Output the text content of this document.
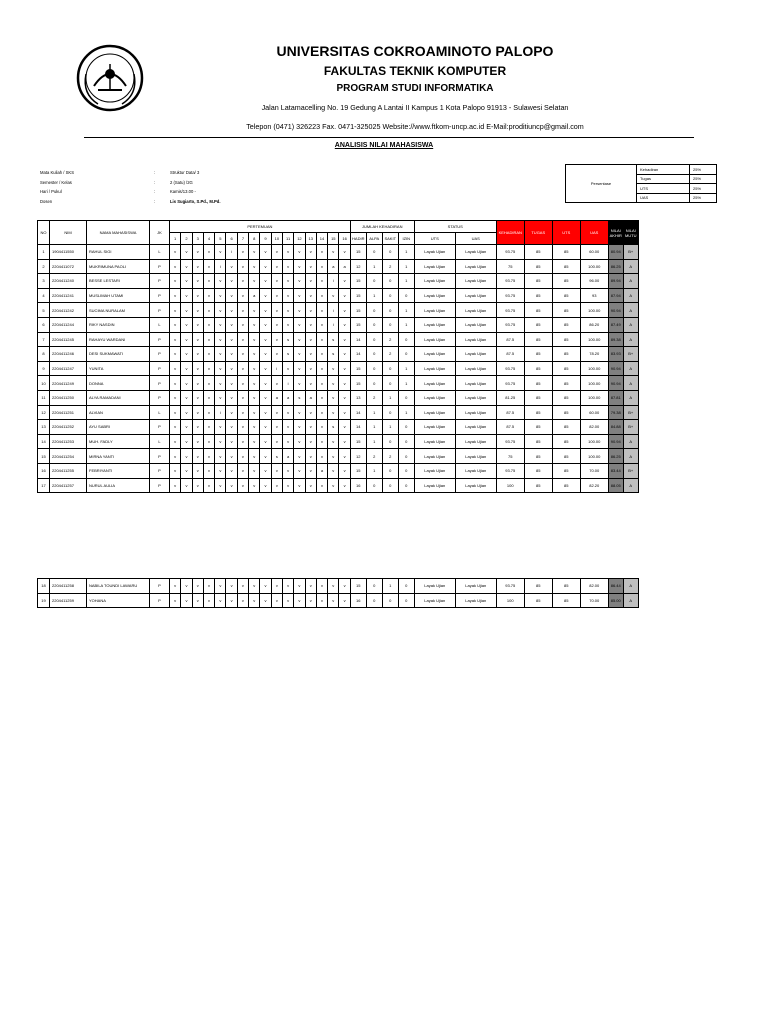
UNIVERSITAS COKROAMINOTO PALOPO
FAKULTAS TEKNIK KOMPUTER
PROGRAM STUDI INFORMATIKA
Jalan Latamacelling No. 19 Gedung A Lantai II Kampus 1 Kota Palopo 91913 - Sulawesi Selatan
Telepon (0471) 326223 Fax. 0471-325025 Website://www.ftkom-uncp.ac.id E-Mail:proditiuncp@gmail.com
ANALISIS NILAI MAHASISWA
Mata Kuliah / SKS	:	Struktur Data/ 3
Semester / Kelas	:	2 (Satu) /2G
Hari / Pukul	:	Kamis/13.00 -
Dosen	:	Lis Sugiarto, S.Pd., M.Pd.
Persentase	Kehadiran	25%
	Tugas	25%
	UTS	25%
	UAS	25%
NO	NIM	NAMA MAHASISWA	JK	PERTEMUAN																JUMLAH KEHADIRAN				STATUS		KEHADIRAN	TUGAS	UTS	UAS	NILAI AKHIR	NILAI MUTU
				1	2	3	4	5	6	7	8	9	10	11	12	13	14	15	16	HADIR	ALPA	SAKIT	IZIN	UTS	UAS						
1	1904411550	RAHUL SIGI	L	v	v	v	v	v	i	v	v	v	v	v	v	v	v	v	v	15	0	0	1	Layak Ujian	Layak Ujian	93.75	85	85	60.00	80.94	B+
2	2204411072	MUKRIMUNA PAOLI	P	v	v	v	v	i	v	v	v	v	v	v	v	v	v	a	a	12	1	2	1	Layak Ujian	Layak Ujian	75	85	85	100.00	86.25	A
3	2204411240	BESSE LESTARI	P	v	v	v	v	v	v	v	v	v	v	v	v	v	v	i	v	15	0	0	1	Layak Ujian	Layak Ujian	93.75	85	85	96.00	89.94	A
4	2204411241	MUSLIMAH UTAMI	P	v	v	v	v	v	v	v	a	v	v	v	v	v	v	v	v	15	1	0	0	Layak Ujian	Layak Ujian	93.75	85	85	93	87.94	A
5	2204411242	SUCIMA NURALAM	P	v	v	v	v	v	v	v	v	v	v	v	v	v	v	i	v	15	0	0	1	Layak Ujian	Layak Ujian	93.75	85	85	100.00	90.94	A
6	2204411244	RIKY NASDIN	L	v	v	v	v	v	v	v	v	v	v	v	v	v	v	i	v	15	0	0	1	Layak Ujian	Layak Ujian	93.75	85	85	86.20	87.49	A
7	2204411245	RAHAYU WARDANI	P	v	v	v	v	v	v	v	v	v	v	s	v	v	v	s	v	14	0	2	0	Layak Ujian	Layak Ujian	87.5	85	85	100.00	89.38	A
8	2204411246	DESI SUKMAWATI	P	v	v	v	v	v	v	v	v	v	v	s	v	v	v	s	v	14	0	2	0	Layak Ujian	Layak Ujian	87.5	85	85	78.20	83.93	B+
9	2204411247	YUNITA	P	v	v	v	v	v	v	v	v	v	i	v	v	v	v	v	v	15	0	0	1	Layak Ujian	Layak Ujian	93.75	85	85	100.00	90.94	A
10	2204411249	DONNA	P	v	v	v	v	v	v	v	v	v	v	i	v	v	v	v	v	15	0	0	1	Layak Ujian	Layak Ujian	93.75	85	85	100.00	90.94	A
11	2204411250	ALYA RAMADANI	P	v	v	v	v	v	v	v	v	v	a	a	s	a	v	v	v	13	2	1	0	Layak Ujian	Layak Ujian	81.25	85	85	100.00	87.81	A
12	2204411251	ALVIAN	L	v	v	v	v	i	v	v	v	v	v	v	v	v	v	v	v	14	1	0	1	Layak Ujian	Layak Ujian	87.5	85	85	60.00	79.38	B+
13	2204411252	AYU SABRI	P	v	v	v	v	v	v	v	v	v	v	v	v	v	v	s	v	14	1	1	0	Layak Ujian	Layak Ujian	87.5	85	85	82.00	84.88	B+
14	2204411253	MUH. FADLY	L	v	v	v	v	v	v	v	v	v	v	v	v	v	v	v	v	15	1	0	0	Layak Ujian	Layak Ujian	93.75	85	85	100.00	90.94	A
15	2204411254	MIRNA YANTI	P	v	v	v	v	v	v	v	v	v	s	a	v	v	v	v	v	12	2	2	0	Layak Ujian	Layak Ujian	75	85	85	100.00	86.25	A
16	2204411255	FEBRIYANTI	P	v	v	v	v	v	v	v	v	v	v	v	v	v	a	v	v	15	1	0	0	Layak Ujian	Layak Ujian	93.75	85	85	70.00	83.44	B+
17	2204411257	NURUL AULIA	P	v	v	v	v	v	v	v	v	v	v	v	v	v	v	v	v	16	0	0	0	Layak Ujian	Layak Ujian	100	85	85	82.20	88.05	A
18	2204411258	NABILA TOUNDI LAWARU	P	v	v	v	v	v	v	v	v	v	v	v	v	v	v	v	v	15	0	1	0	Layak Ujian	Layak Ujian	93.75	85	85	82.00	86.44	A
19	2204411259	YOHANA	P	v	v	v	v	v	v	v	v	v	v	v	v	v	v	v	v	16	0	0	0	Layak Ujian	Layak Ujian	100	85	85	70.00	85.00	A
